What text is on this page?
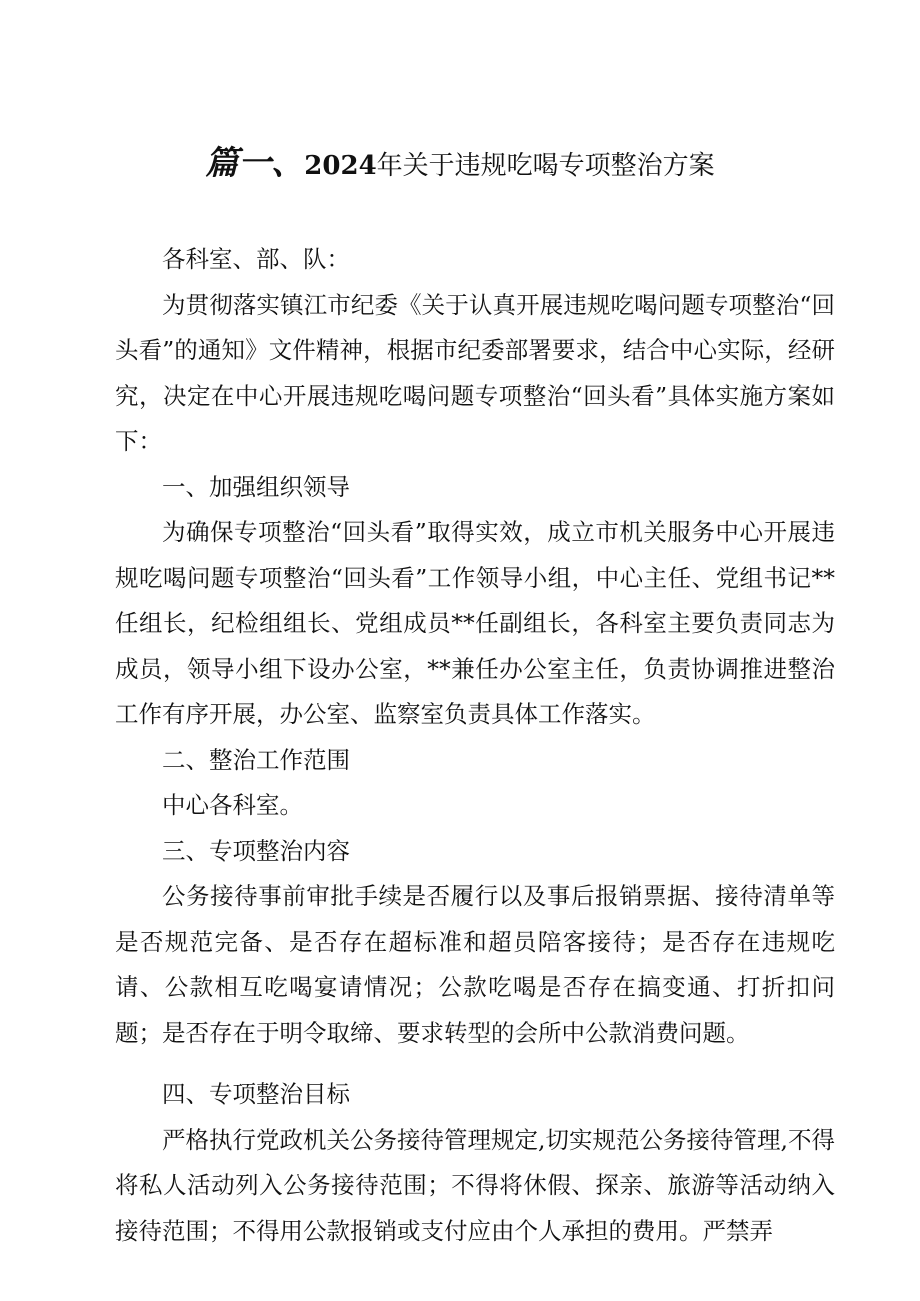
篇一、2024年关于违规吃喝专项整治方案

各科室、部、队：

为贯彻落实镇江市纪委《关于认真开展违规吃喝问题专项整治“回头看”的通知》文件精神，根据市纪委部署要求，结合中心实际，经研究，决定在中心开展违规吃喝问题专项整治“回头看”具体实施方案如下：

一、加强组织领导

为确保专项整治“回头看”取得实效，成立市机关服务中心开展违规吃喝问题专项整治“回头看”工作领导小组，中心主任、党组书记**任组长，纪检组组长、党组成员**任副组长，各科室主要负责同志为成员，领导小组下设办公室，**兼任办公室主任，负责协调推进整治工作有序开展，办公室、监察室负责具体工作落实。

二、整治工作范围

中心各科室。

三、专项整治内容

公务接待事前审批手续是否履行以及事后报销票据、接待清单等是否规范完备、是否存在超标准和超员陪客接待；是否存在违规吃请、公款相互吃喝宴请情况；公款吃喝是否存在搞变通、打折扣问题；是否存在于明令取缔、要求转型的会所中公款消费问题。

四、专项整治目标

严格执行党政机关公务接待管理规定,切实规范公务接待管理,不得将私人活动列入公务接待范围；不得将休假、探亲、旅游等活动纳入接待范围；不得用公款报销或支付应由个人承担的费用。严禁弄
